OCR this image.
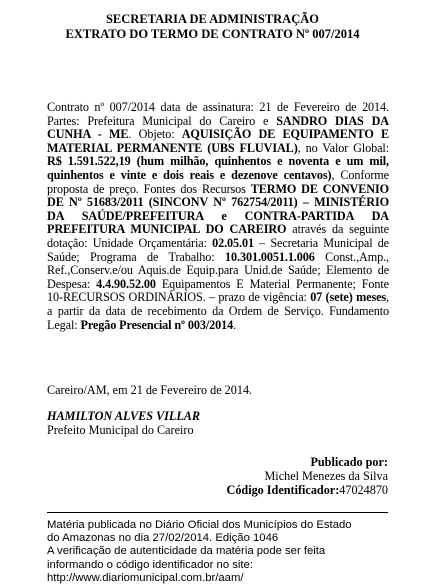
SECRETARIA DE ADMINISTRAÇÃO
EXTRATO DO TERMO DE CONTRATO Nº 007/2014
Contrato nº 007/2014 data de assinatura: 21 de Fevereiro de 2014. Partes: Prefeitura Municipal do Careiro e SANDRO DIAS DA CUNHA - ME. Objeto: AQUISIÇÃO DE EQUIPAMENTO E MATERIAL PERMANENTE (UBS FLUVIAL), no Valor Global: R$ 1.591.522,19 (hum milhão, quinhentos e noventa e um mil, quinhentos e vinte e dois reais e dezenove centavos), Conforme proposta de preço. Fontes dos Recursos TERMO DE CONVENIO DE Nº 51683/2011 (SINCONV Nº 762754/2011) – MINISTÉRIO DA SAÚDE/PREFEITURA e CONTRA-PARTIDA DA PREFEITURA MUNICIPAL DO CAREIRO através da seguinte dotação: Unidade Orçamentária: 02.05.01 – Secretaria Municipal de Saúde; Programa de Trabalho: 10.301.0051.1.006 Const.,Amp., Ref.,Conserv.e/ou Aquis.de Equip.para Unid.de Saúde; Elemento de Despesa: 4.4.90.52.00 Equipamentos E Material Permanente; Fonte 10-RECURSOS ORDINÁRIOS. – prazo de vigência: 07 (sete) meses, a partir da data de recebimento da Ordem de Serviço. Fundamento Legal: Pregão Presencial nº 003/2014.
Careiro/AM, em 21 de Fevereiro de 2014.
HAMILTON ALVES VILLAR
Prefeito Municipal do Careiro
Publicado por:
Michel Menezes da Silva
Código Identificador:47024870
Matéria publicada no Diário Oficial dos Municípios do Estado
do Amazonas no dia 27/02/2014. Edição 1046
A verificação de autenticidade da matéria pode ser feita
informando o código identificador no site:
http://www.diariomunicipal.com.br/aam/
